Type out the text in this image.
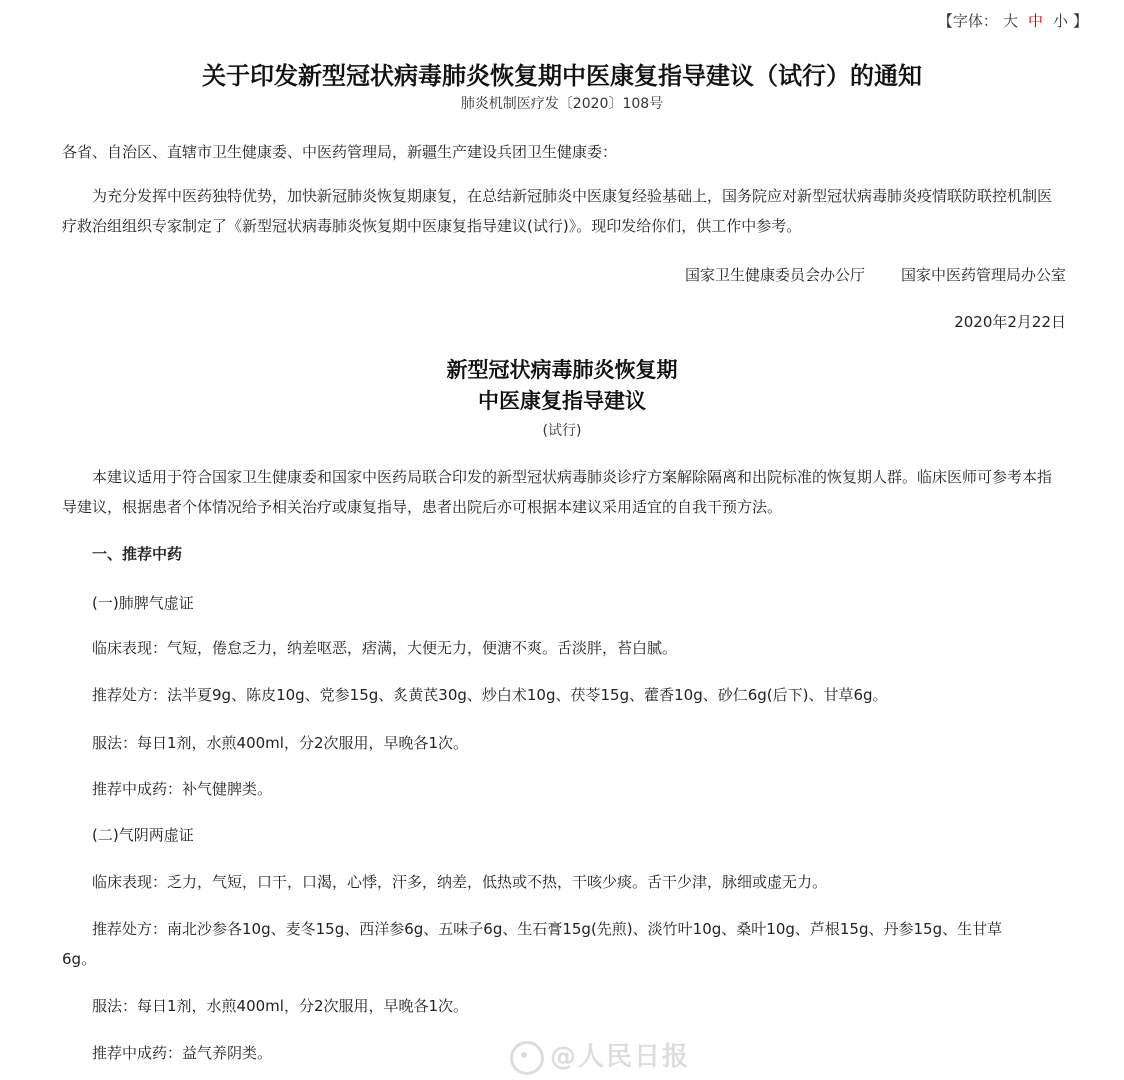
【字体： 大 中 小 】
关于印发新型冠状病毒肺炎恢复期中医康复指导建议（试行）的通知
肺炎机制医疗发〔2020〕108号

各省、自治区、直辖市卫生健康委、中医药管理局，新疆生产建设兵团卫生健康委：

为充分发挥中医药独特优势，加快新冠肺炎恢复期康复，在总结新冠肺炎中医康复经验基础上，国务院应对新型冠状病毒肺炎疫情联防联控机制医疗救治组组织专家制定了《新型冠状病毒肺炎恢复期中医康复指导建议(试行)》。现印发给你们，供工作中参考。

国家卫生健康委员会办公厅 国家中医药管理局办公室

2020年2月22日

新型冠状病毒肺炎恢复期
中医康复指导建议
(试行)

本建议适用于符合国家卫生健康委和国家中医药局联合印发的新型冠状病毒肺炎诊疗方案解除隔离和出院标准的恢复期人群。临床医师可参考本指导建议，根据患者个体情况给予相关治疗或康复指导，患者出院后亦可根据本建议采用适宜的自我干预方法。

一、推荐中药

(一)肺脾气虚证

临床表现：气短，倦怠乏力，纳差呕恶，痞满，大便无力，便溏不爽。舌淡胖，苔白腻。

推荐处方：法半夏9g、陈皮10g、党参15g、炙黄芪30g、炒白术10g、茯苓15g、藿香10g、砂仁6g(后下)、甘草6g。

服法：每日1剂，水煎400ml，分2次服用，早晚各1次。

推荐中成药：补气健脾类。

(二)气阴两虚证

临床表现：乏力，气短，口干，口渴，心悸，汗多，纳差，低热或不热，干咳少痰。舌干少津，脉细或虚无力。

推荐处方：南北沙参各10g、麦冬15g、西洋参6g、五味子6g、生石膏15g(先煎)、淡竹叶10g、桑叶10g、芦根15g、丹参15g、生甘草

6g。

服法：每日1剂，水煎400ml，分2次服用，早晚各1次。

推荐中成药：益气养阴类。	@人民日报
